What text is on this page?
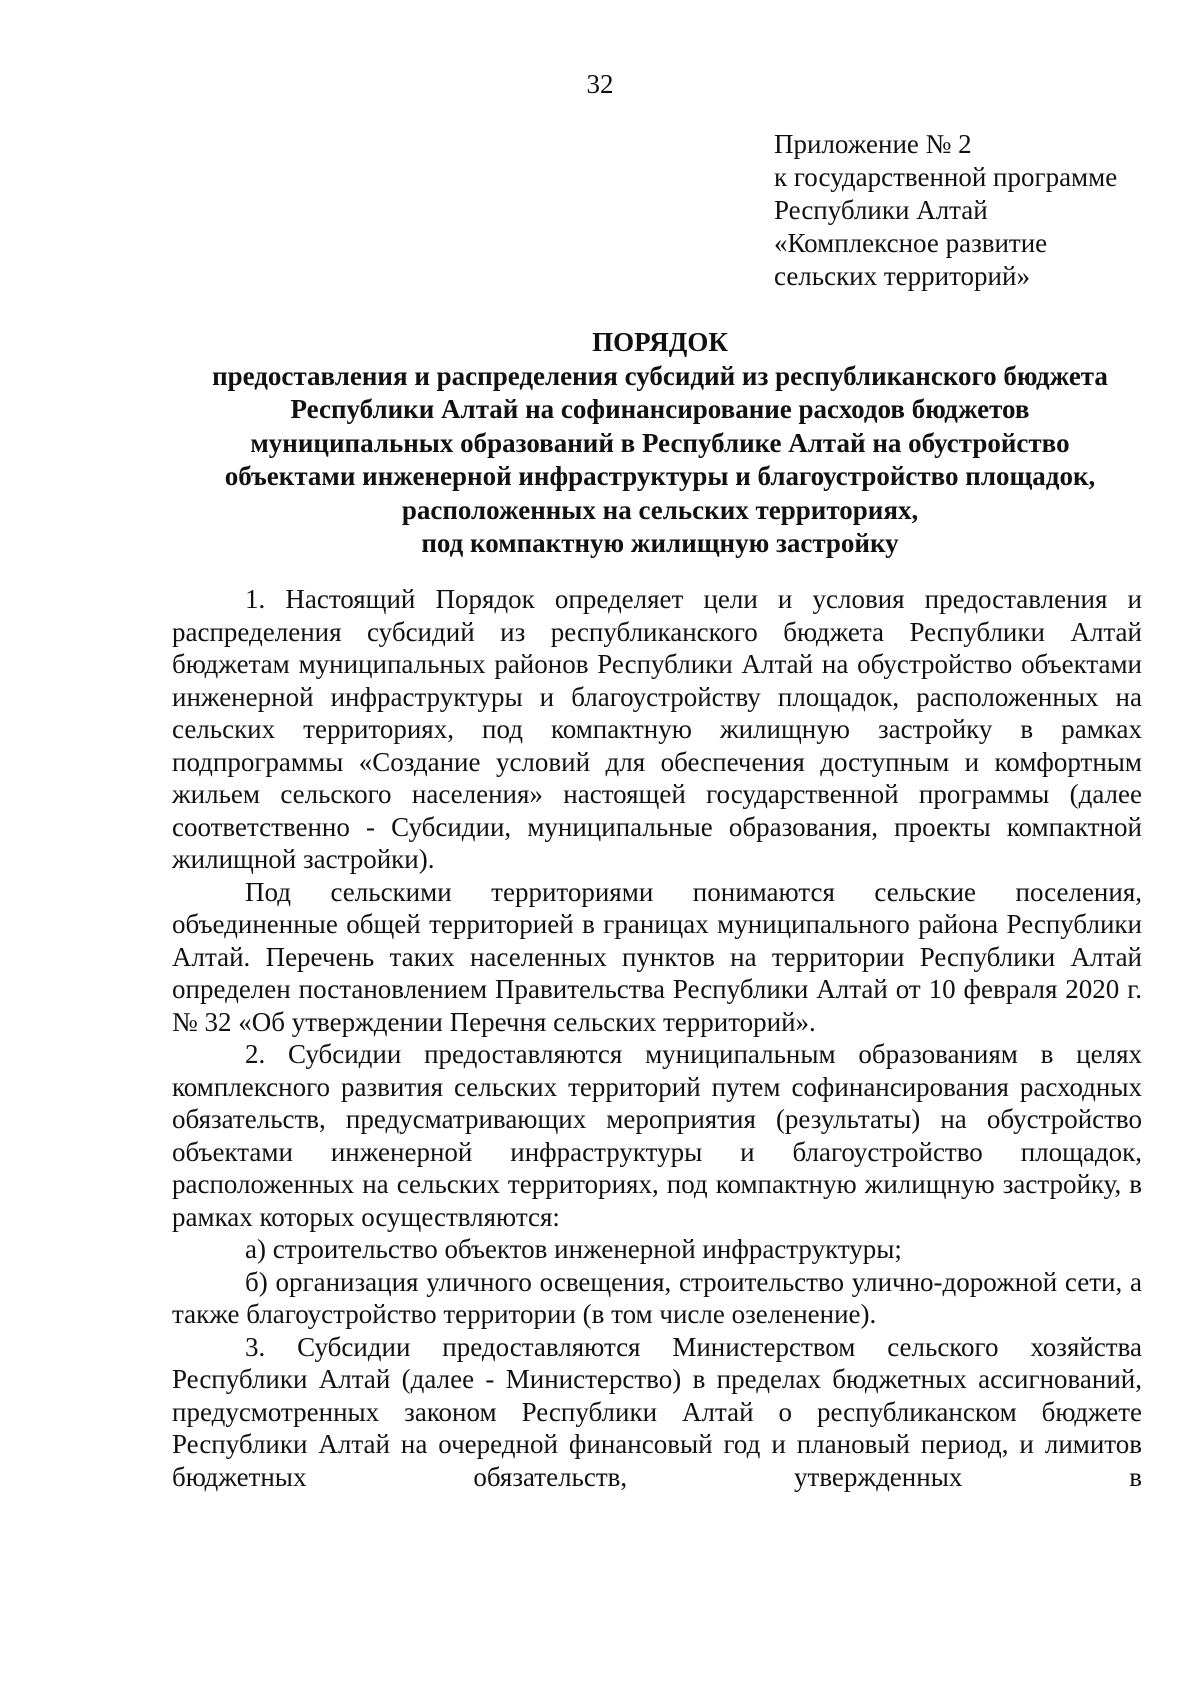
32
Приложение № 2
к государственной программе
Республики Алтай
«Комплексное развитие
сельских территорий»
ПОРЯДОК
предоставления и распределения субсидий из республиканского бюджета
Республики Алтай на софинансирование расходов бюджетов
муниципальных образований в Республике Алтай на обустройство
объектами инженерной инфраструктуры и благоустройство площадок,
расположенных на сельских территориях,
под компактную жилищную застройку

1. Настоящий Порядок определяет цели и условия предоставления и распределения субсидий из республиканского бюджета Республики Алтай бюджетам муниципальных районов Республики Алтай на обустройство объектами инженерной инфраструктуры и благоустройству площадок, расположенных на сельских территориях, под компактную жилищную застройку в рамках подпрограммы «Создание условий для обеспечения доступным и комфортным жильем сельского населения» настоящей государственной программы (далее соответственно - Субсидии, муниципальные образования, проекты компактной жилищной застройки).

Под сельскими территориями понимаются сельские поселения, объединенные общей территорией в границах муниципального района Республики Алтай. Перечень таких населенных пунктов на территории Республики Алтай определен постановлением Правительства Республики Алтай от 10 февраля 2020 г. № 32 «Об утверждении Перечня сельских территорий».

2. Субсидии предоставляются муниципальным образованиям в целях комплексного развития сельских территорий путем софинансирования расходных обязательств, предусматривающих мероприятия (результаты) на обустройство объектами инженерной инфраструктуры и благоустройство площадок, расположенных на сельских территориях, под компактную жилищную застройку, в рамках которых осуществляются:

а) строительство объектов инженерной инфраструктуры;

б) организация уличного освещения, строительство улично-дорожной сети, а также благоустройство территории (в том числе озеленение).

3. Субсидии предоставляются Министерством сельского хозяйства Республики Алтай (далее - Министерство) в пределах бюджетных ассигнований, предусмотренных законом Республики Алтай о республиканском бюджете Республики Алтай на очередной финансовый год и плановый период, и лимитов бюджетных обязательств, утвержденных в
